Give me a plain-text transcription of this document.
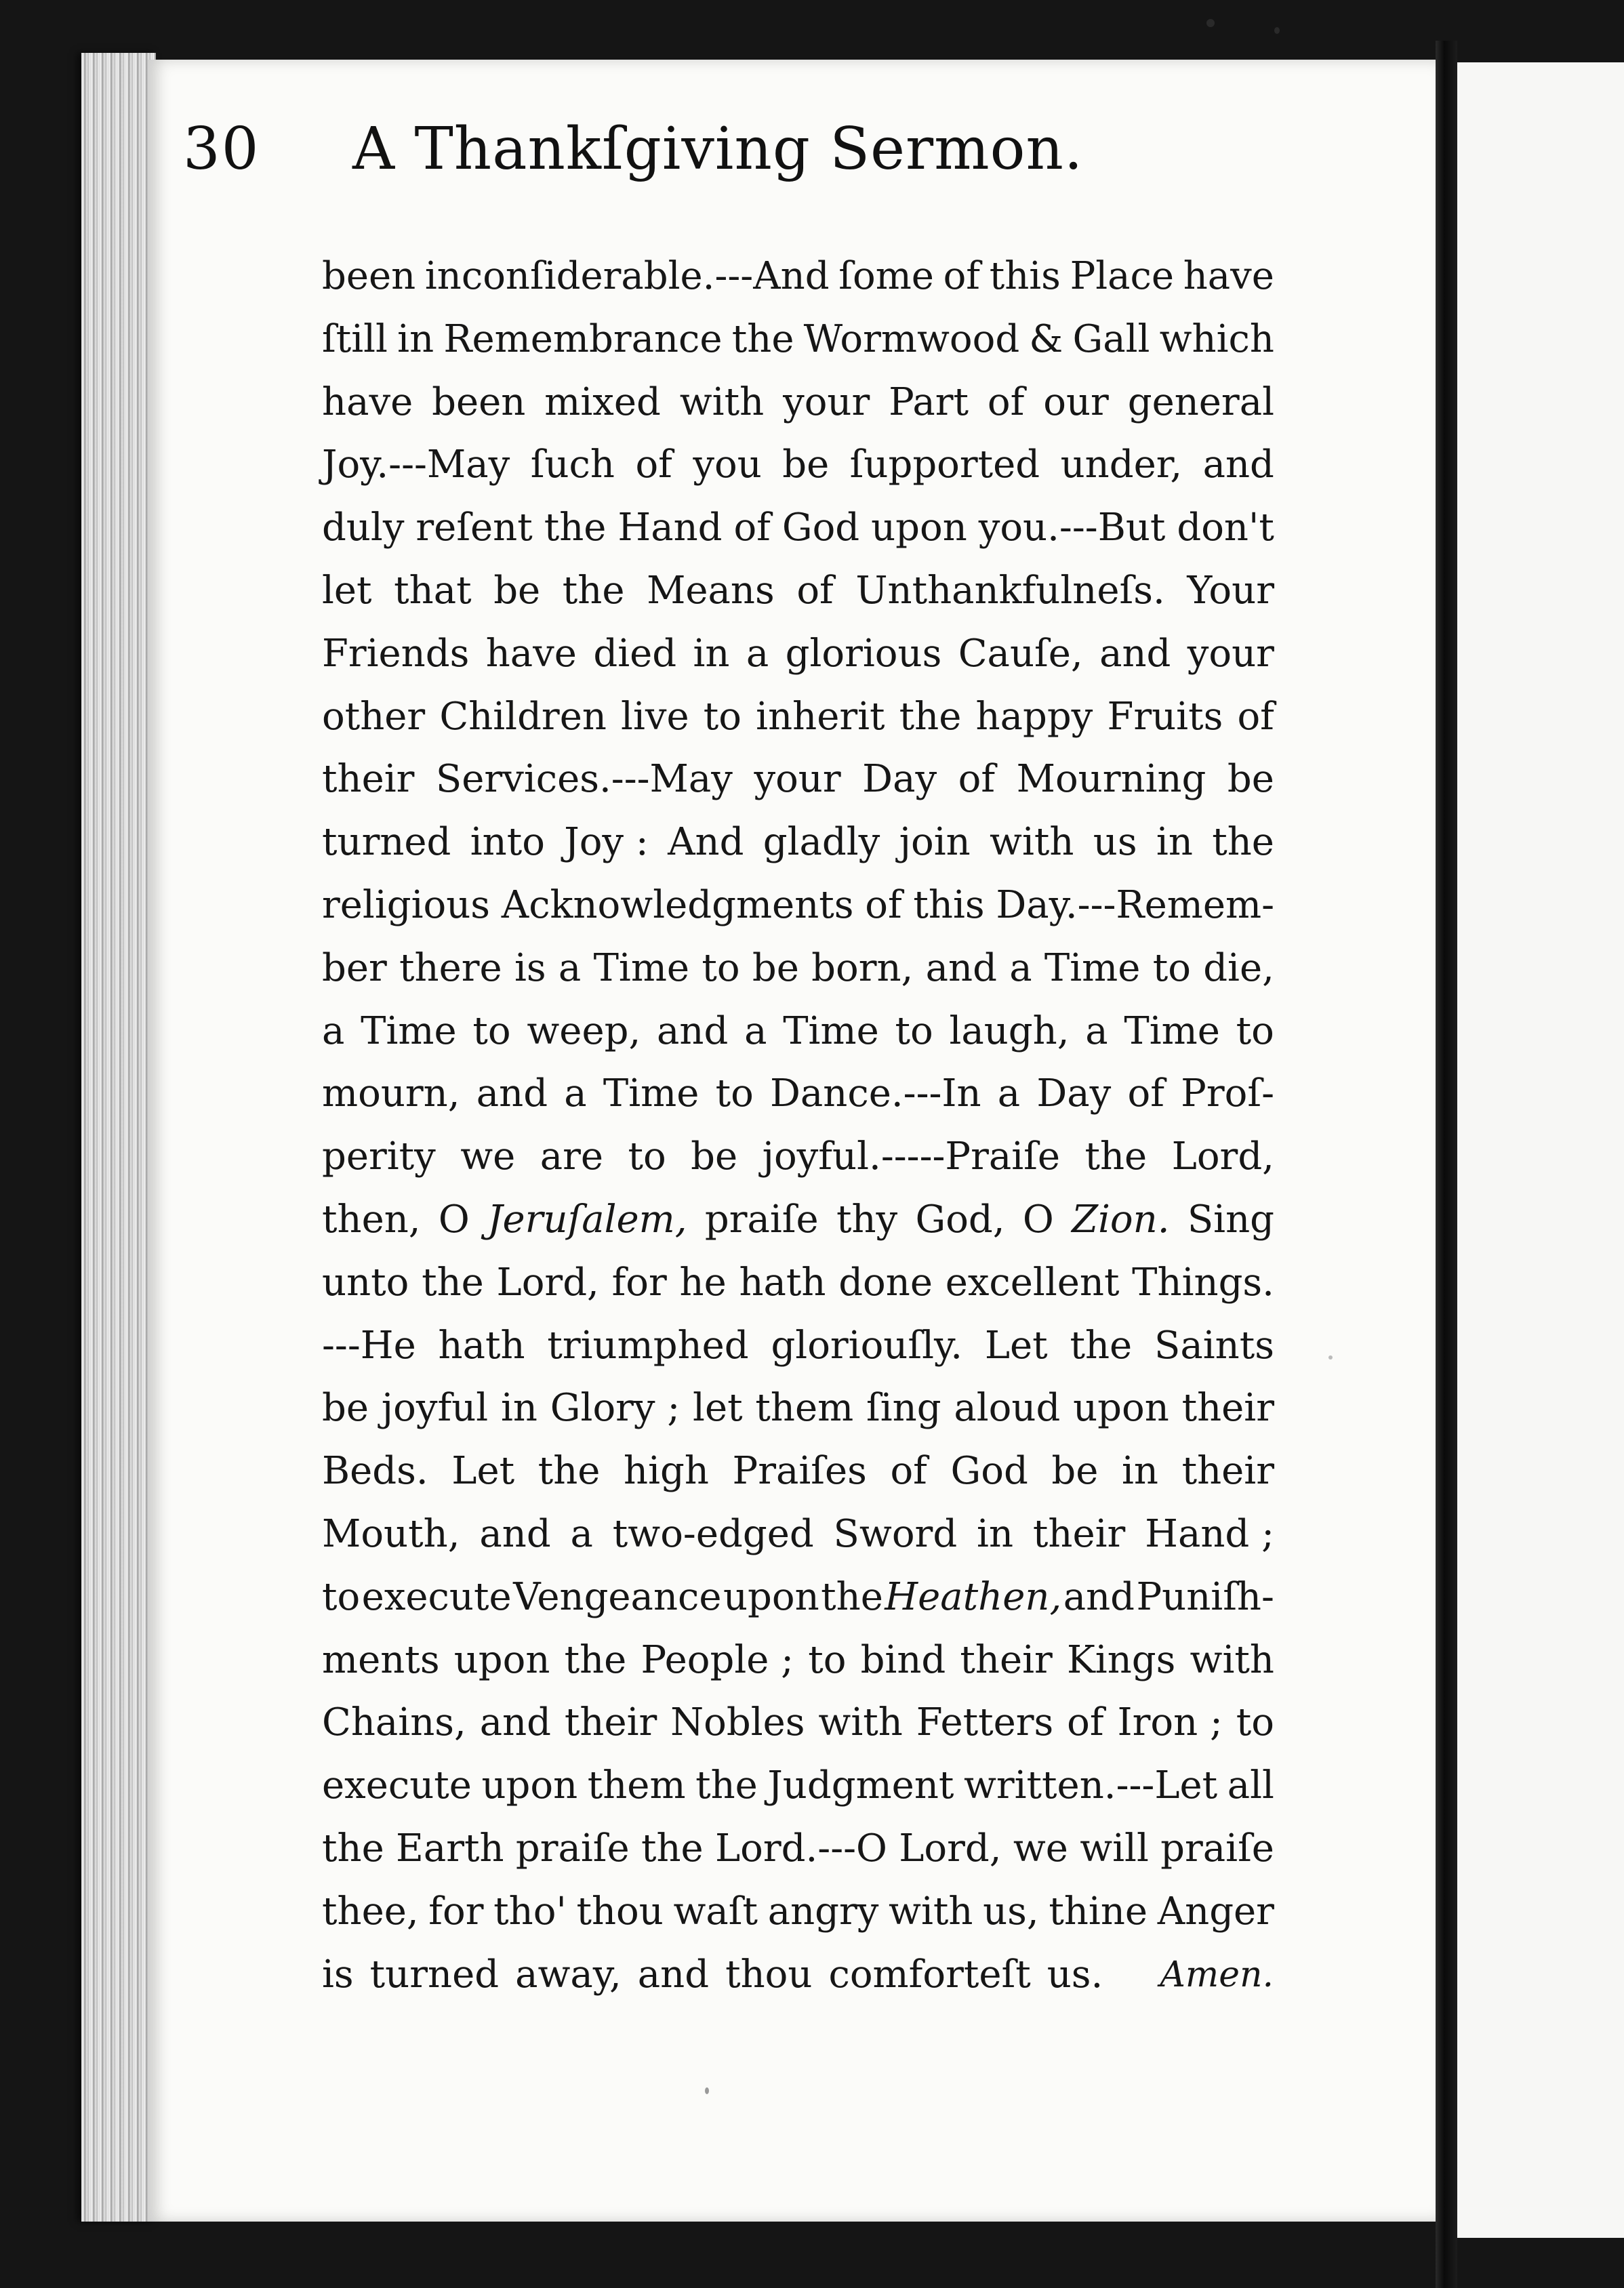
30 A Thankſgiving Sermon.
been inconſiderable.---And ſome of this Place have
ſtill in Remembrance the Wormwood & Gall which
have been mixed with your Part of our general
Joy.---May ſuch of you be ſupported under, and
duly reſent the Hand of God upon you.---But don't
let that be the Means of Unthankfulneſs. Your
Friends have died in a glorious Cauſe, and your
other Children live to inherit the happy Fruits of
their Services.---May your Day of Mourning be
turned into Joy : And gladly join with us in the
religious Acknowledgments of this Day.---Remem-
ber there is a Time to be born, and a Time to die,
a Time to weep, and a Time to laugh, a Time to
mourn, and a Time to Dance.---In a Day of Proſ-
perity we are to be joyful.-----Praiſe the Lord,
then, O Jeruſalem, praiſe thy God, O Zion. Sing
unto the Lord, for he hath done excellent Things.
---He hath triumphed gloriouſly. Let the Saints
be joyful in Glory ; let them ſing aloud upon their
Beds. Let the high Praiſes of God be in their
Mouth, and a two-edged Sword in their Hand ;
to execute Vengeance upon the Heathen, and Puniſh-
ments upon the People ; to bind their Kings with
Chains, and their Nobles with Fetters of Iron ; to
execute upon them the Judgment written.---Let all
the Earth praiſe the Lord.---O Lord, we will praiſe
thee, for tho' thou waſt angry with us, thine Anger
is turned away, and thou comforteſt us. Amen.
